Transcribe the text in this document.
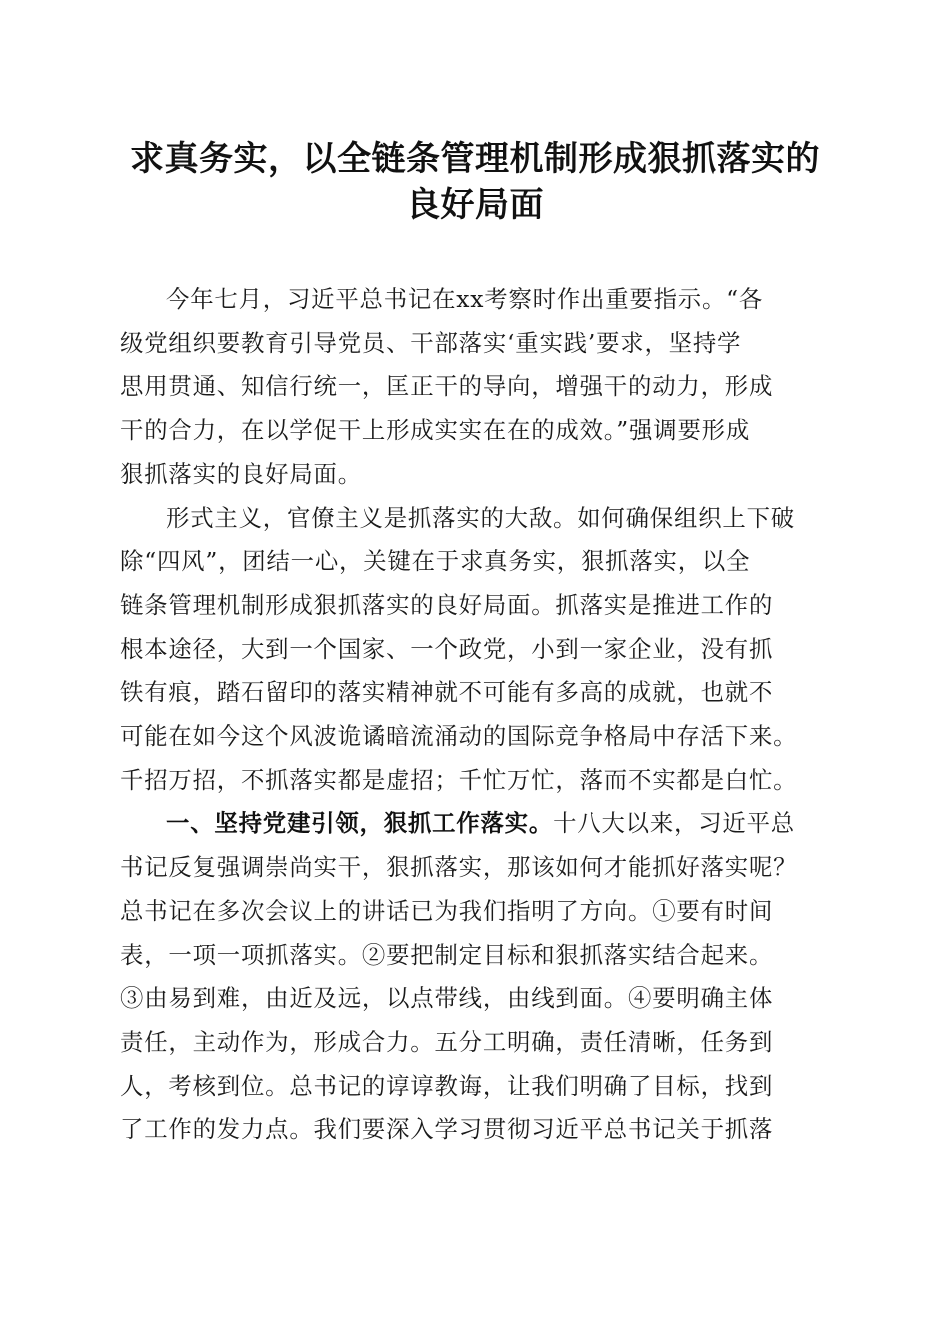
求真务实，以全链条管理机制形成狠抓落实的
良好局面

今年七月，习近平总书记在xx考察时作出重要指示。“各
级党组织要教育引导党员、干部落实‘重实践’要求，坚持学
思用贯通、知信行统一，匡正干的导向，增强干的动力，形成
干的合力，在以学促干上形成实实在在的成效。”强调要形成
狠抓落实的良好局面。

形式主义，官僚主义是抓落实的大敌。如何确保组织上下破
除“四风”，团结一心，关键在于求真务实，狠抓落实，以全
链条管理机制形成狠抓落实的良好局面。抓落实是推进工作的
根本途径，大到一个国家、一个政党，小到一家企业，没有抓
铁有痕，踏石留印的落实精神就不可能有多高的成就，也就不
可能在如今这个风波诡谲暗流涌动的国际竞争格局中存活下来。
千招万招，不抓落实都是虚招；千忙万忙，落而不实都是白忙。

一、坚持党建引领，狠抓工作落实。十八大以来，习近平总
书记反复强调崇尚实干，狠抓落实，那该如何才能抓好落实呢？
总书记在多次会议上的讲话已为我们指明了方向。①要有时间
表，一项一项抓落实。②要把制定目标和狠抓落实结合起来。
③由易到难，由近及远，以点带线，由线到面。④要明确主体
责任，主动作为，形成合力。五分工明确，责任清晰，任务到
人，考核到位。总书记的谆谆教诲，让我们明确了目标，找到
了工作的发力点。我们要深入学习贯彻习近平总书记关于抓落
